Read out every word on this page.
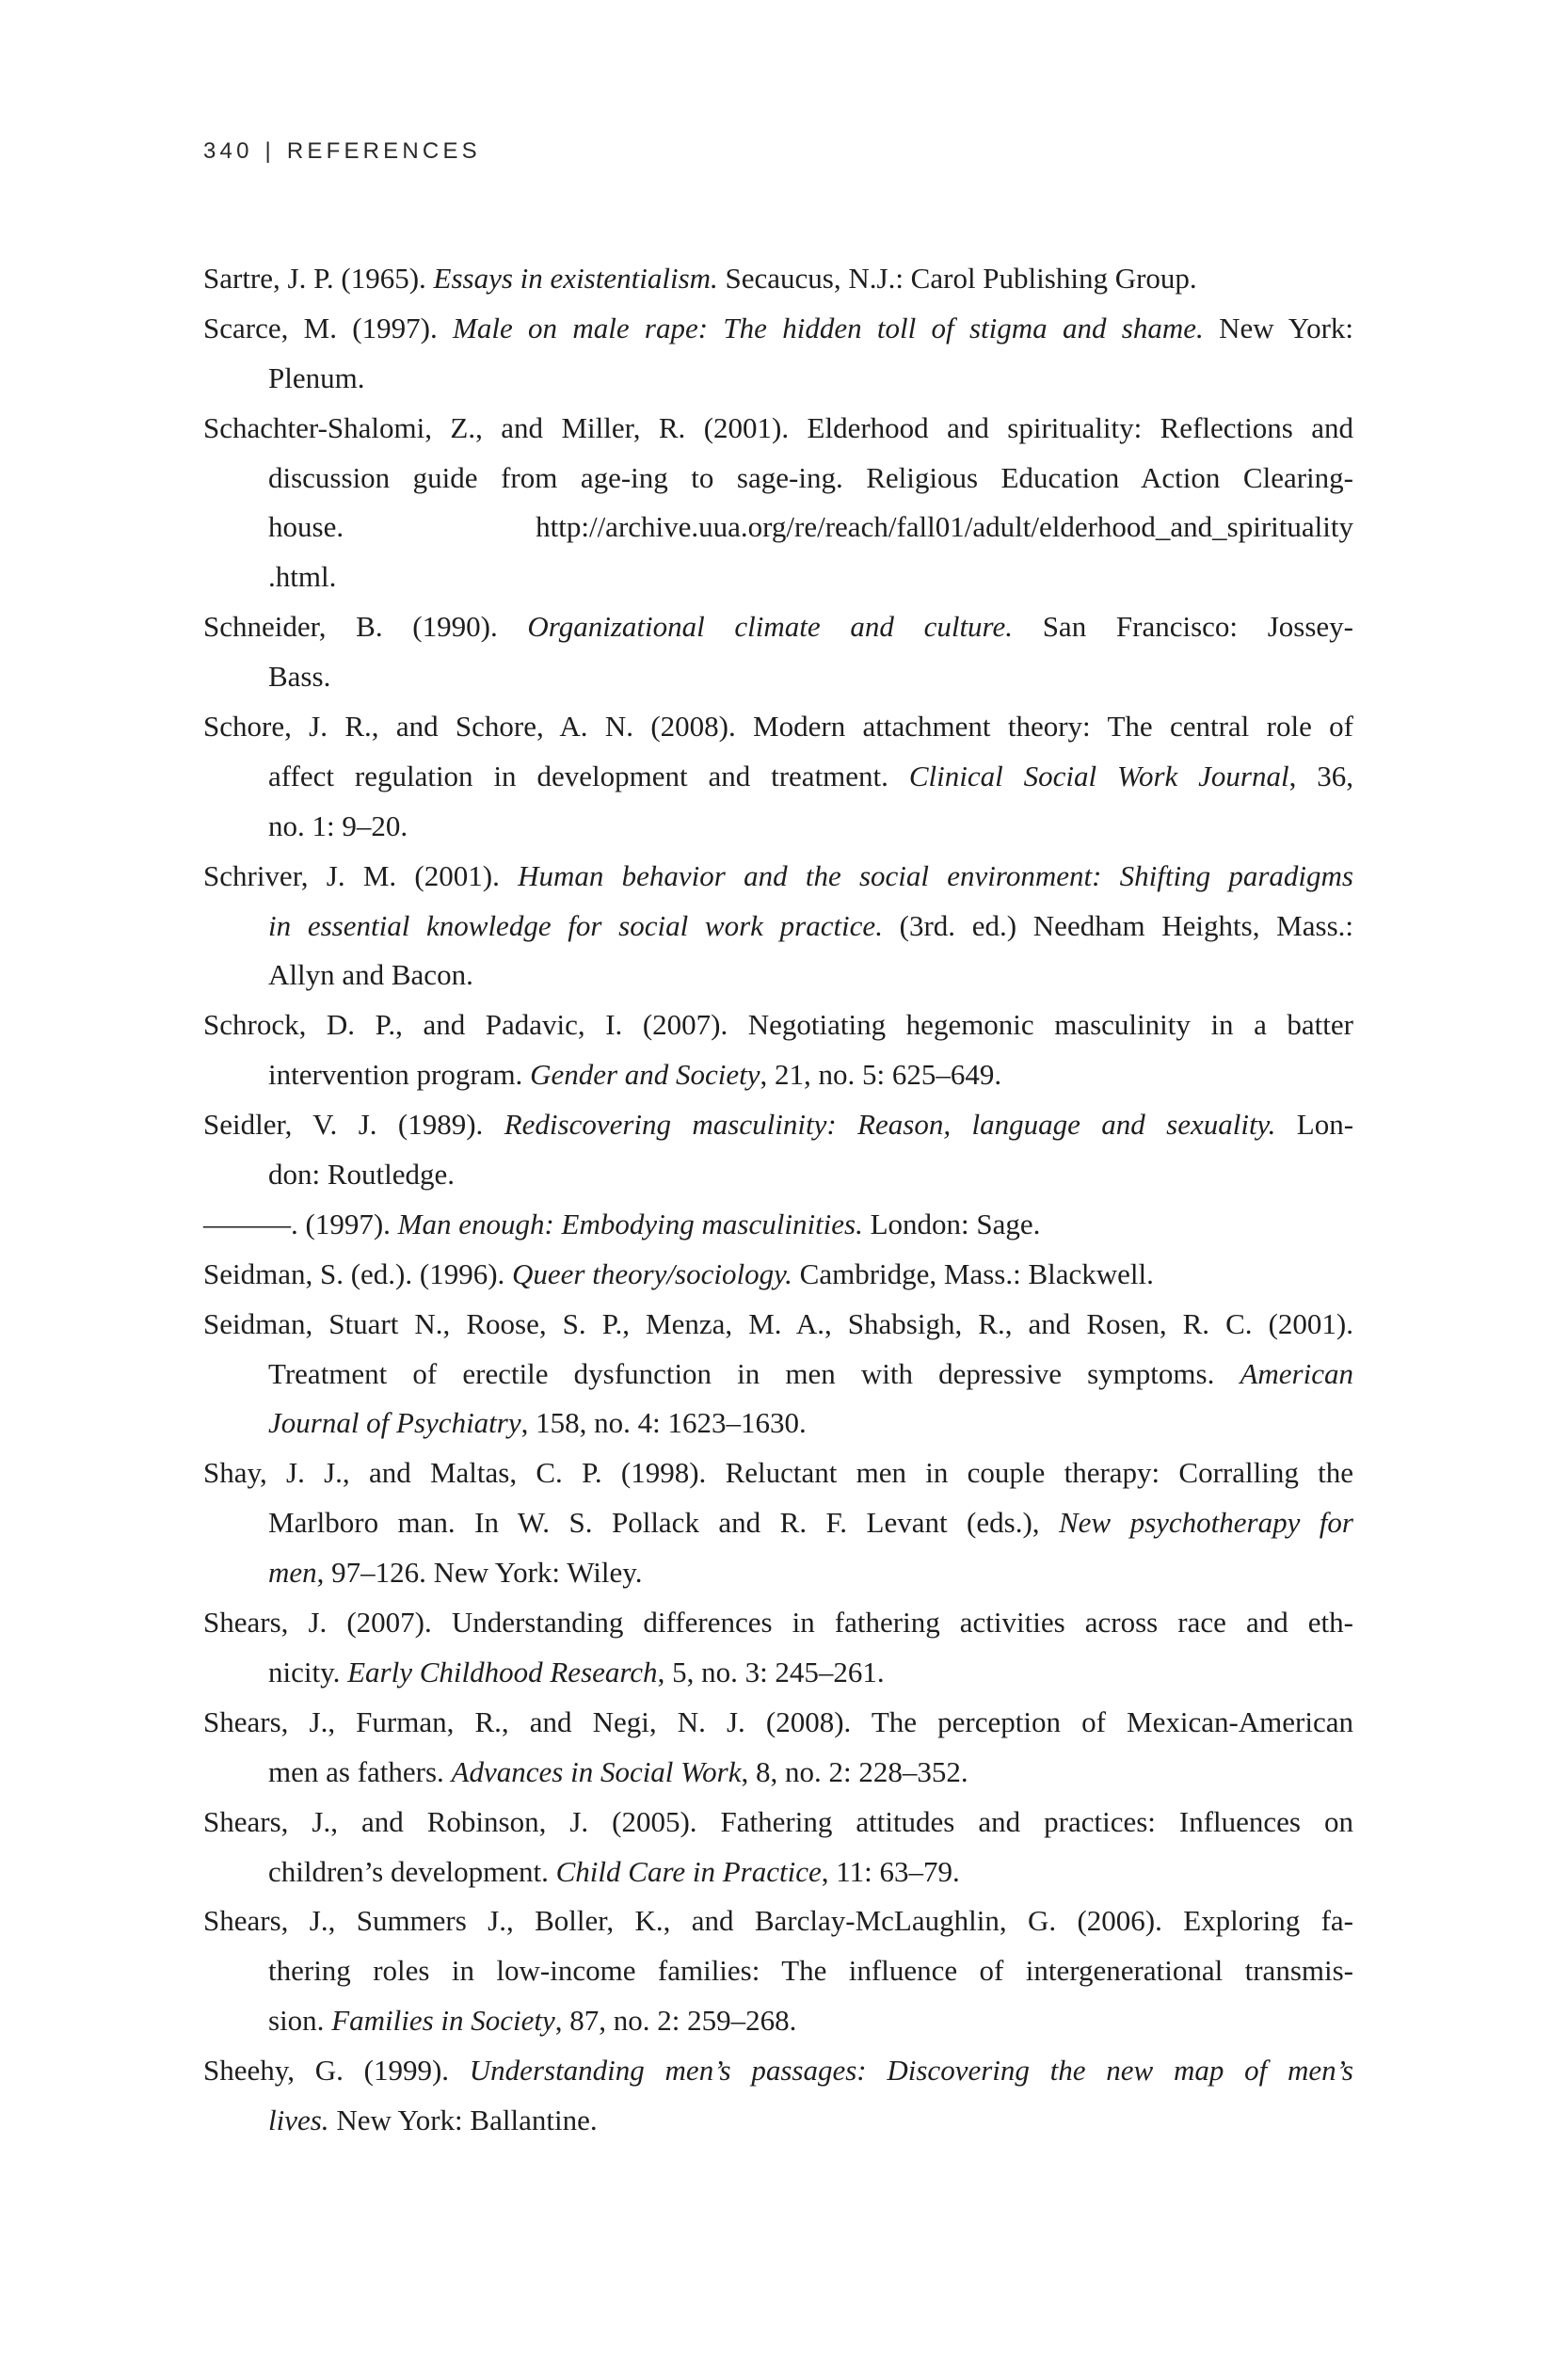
340 | REFERENCES
Sartre, J. P. (1965). Essays in existentialism. Secaucus, N.J.: Carol Publishing Group.
Scarce, M. (1997). Male on male rape: The hidden toll of stigma and shame. New York:
Plenum.
Schachter-Shalomi, Z., and Miller, R. (2001). Elderhood and spirituality: Reflections and
discussion guide from age-ing to sage-ing. Religious Education Action Clearing-
house. http://archive.uua.org/re/reach/fall01/adult/elderhood_and_spirituality
.html.
Schneider, B. (1990). Organizational climate and culture. San Francisco: Jossey-
Bass.
Schore, J. R., and Schore, A. N. (2008). Modern attachment theory: The central role of
affect regulation in development and treatment. Clinical Social Work Journal, 36,
no. 1: 9–20.
Schriver, J. M. (2001). Human behavior and the social environment: Shifting paradigms
in essential knowledge for social work practice. (3rd. ed.) Needham Heights, Mass.:
Allyn and Bacon.
Schrock, D. P., and Padavic, I. (2007). Negotiating hegemonic masculinity in a batter
intervention program. Gender and Society, 21, no. 5: 625–649.
Seidler, V. J. (1989). Rediscovering masculinity: Reason, language and sexuality. Lon-
don: Routledge.
———. (1997). Man enough: Embodying masculinities. London: Sage.
Seidman, S. (ed.). (1996). Queer theory/sociology. Cambridge, Mass.: Blackwell.
Seidman, Stuart N., Roose, S. P., Menza, M. A., Shabsigh, R., and Rosen, R. C. (2001).
Treatment of erectile dysfunction in men with depressive symptoms. American
Journal of Psychiatry, 158, no. 4: 1623–1630.
Shay, J. J., and Maltas, C. P. (1998). Reluctant men in couple therapy: Corralling the
Marlboro man. In W. S. Pollack and R. F. Levant (eds.), New psychotherapy for
men, 97–126. New York: Wiley.
Shears, J. (2007). Understanding differences in fathering activities across race and eth-
nicity. Early Childhood Research, 5, no. 3: 245–261.
Shears, J., Furman, R., and Negi, N. J. (2008). The perception of Mexican-American
men as fathers. Advances in Social Work, 8, no. 2: 228–352.
Shears, J., and Robinson, J. (2005). Fathering attitudes and practices: Influences on
children’s development. Child Care in Practice, 11: 63–79.
Shears, J., Summers J., Boller, K., and Barclay-McLaughlin, G. (2006). Exploring fa-
thering roles in low-income families: The influence of intergenerational transmis-
sion. Families in Society, 87, no. 2: 259–268.
Sheehy, G. (1999). Understanding men’s passages: Discovering the new map of men’s
lives. New York: Ballantine.
